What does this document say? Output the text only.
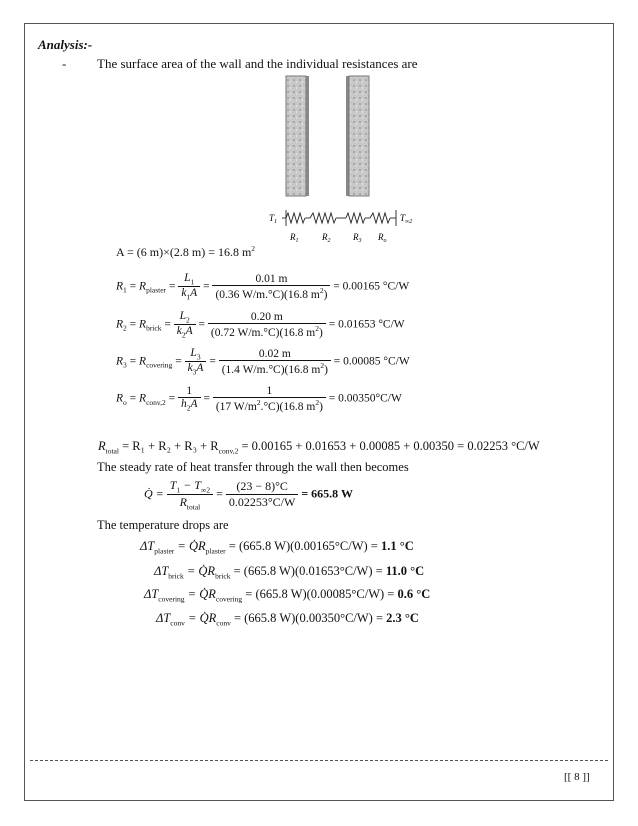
Analysis:-
- The surface area of the wall and the individual resistances are
$T_1$	$T_{\infty 2}$
$R_1$	$R_2$	$R_3$ $R_o$
A = (6 m)×(2.8 m) = 16.8 $m^2$
$R_1 = R_{plaster} = \frac{L_1}{k_1A} = \frac{0.01 m}{(0.36 W/m.^\circ C)(16.8 m^2)} = 0.00165$ °C/W
$R_2 = R_{brick} = \frac{L_2}{k_2A} = \frac{0.20 m}{(0.72 W/m.^\circ C)(16.8 m^2)} = 0.01653$ °C/W
$R_3 = R_{covering} = \frac{L_3}{k_3A} = \frac{0.02 m}{(1.4 W/m.^\circ C)(16.8 m^2)} = 0.00085$ °C/W
$R_o = R_{conv,2} = \frac{1}{h_2A} = \frac{1}{(17 W/m^2.^\circ C)(16.8 m^2)} = 0.00350^\circ C/W$
$R_{total} = R_1 + R_2 + R_3 + R_{conv,2} = 0.00165 + 0.01653 + 0.00085 + 0.00350 = 0.02253$ °C/W
The steady rate of heat transfer through the wall then becomes
Q̇ = $\frac{T_1 - T_{\infty 2}}{R_{total}} = \frac{(23 - 8)^\circ C}{0.02253^\circ C/W} = 665.8$ W
The temperature drops are
$\Delta T_{plaster}$ = $Q̇R_{plaster} = (665.8$ W)(0.00165°C/W) = 1.1 °C
$\Delta T_{brick}$ = $Q̇R_{brick} = (665.8$ W)(0.01653°C/W) = 11.0 °C
$\Delta T_{covering}$ = $Q̇R_{covering} = (665.8$ W)(0.00085°C/W) = 0.6 °C
$\Delta T_{conv}$ = $Q̇R_{conv} = (665.8$ W)(0.00350°C/W) = 2.3 °C
[[ 8 ]]
